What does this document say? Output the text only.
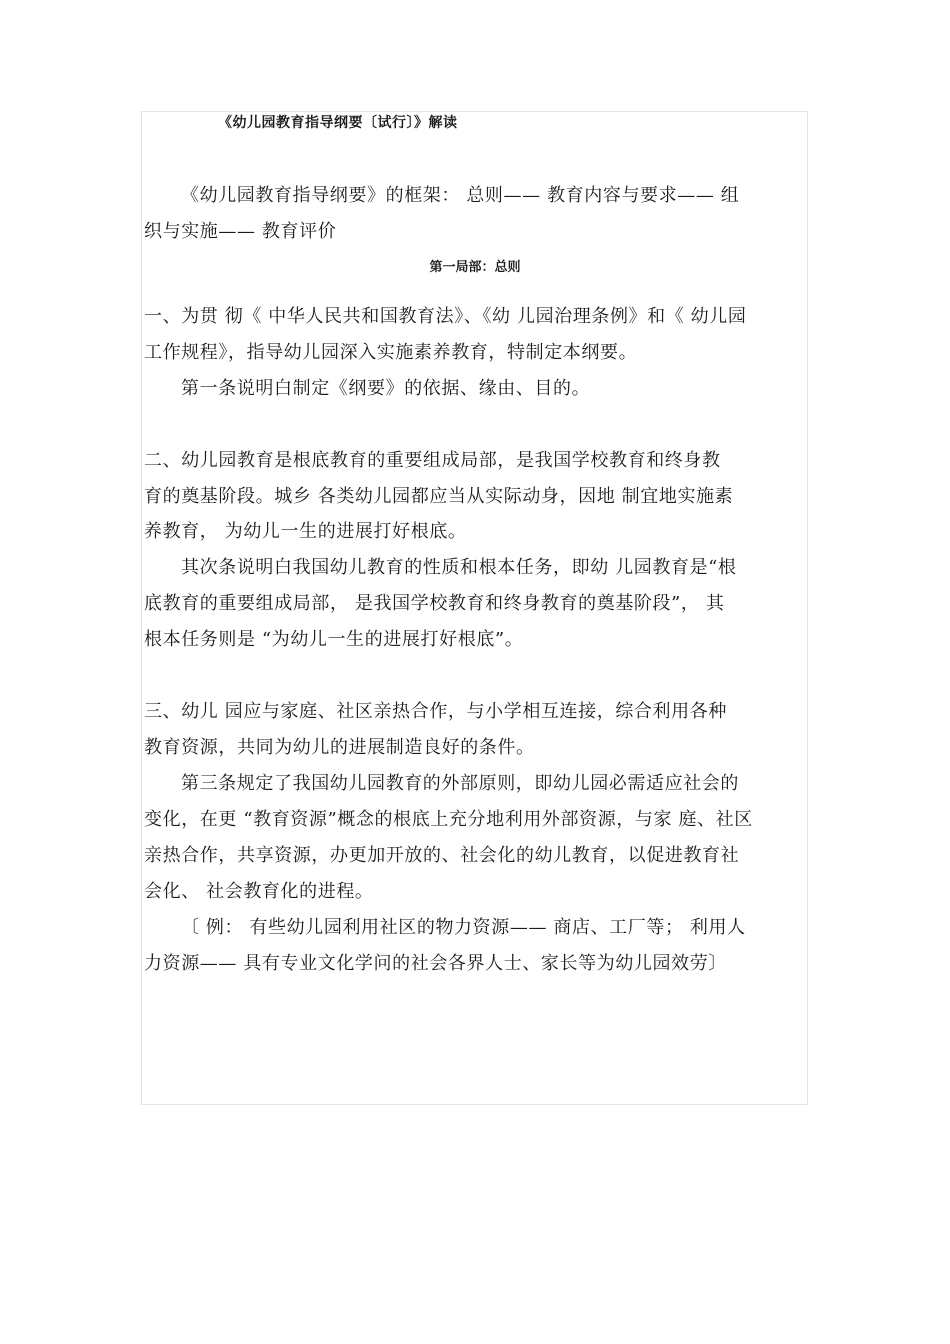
《幼儿园教育指导纲要〔试行〕》解读
《幼儿园教育指导纲要》的框架： 总则—— 教育内容与要求—— 组
织与实施—— 教育评价
第一局部：总则
一、为贯 彻《 中华人民共和国教育法》、《幼 儿园治理条例》和《 幼儿园
工作规程》，指导幼儿园深入实施素养教育，特制定本纲要。
第一条说明白制定《纲要》的依据、缘由、目的。
二、幼儿园教育是根底教育的重要组成局部，是我国学校教育和终身教
育的奠基阶段。城乡 各类幼儿园都应当从实际动身，因地 制宜地实施素
养教育， 为幼儿一生的进展打好根底。
其次条说明白我国幼儿教育的性质和根本任务，即幼 儿园教育是“根
底教育的重要组成局部， 是我国学校教育和终身教育的奠基阶段”， 其
根本任务则是 “为幼儿一生的进展打好根底”。
三、幼儿 园应与家庭、社区亲热合作，与小学相互连接，综合利用各种
教育资源，共同为幼儿的进展制造良好的条件。
第三条规定了我国幼儿园教育的外部原则，即幼儿园必需适应社会的
变化，在更 “教育资源”概念的根底上充分地利用外部资源，与家 庭、社区
亲热合作，共享资源，办更加开放的、社会化的幼儿教育，以促进教育社
会化、 社会教育化的进程。
〔 例： 有些幼儿园利用社区的物力资源—— 商店、工厂等； 利用人
力资源—— 具有专业文化学问的社会各界人士、家长等为幼儿园效劳〕
